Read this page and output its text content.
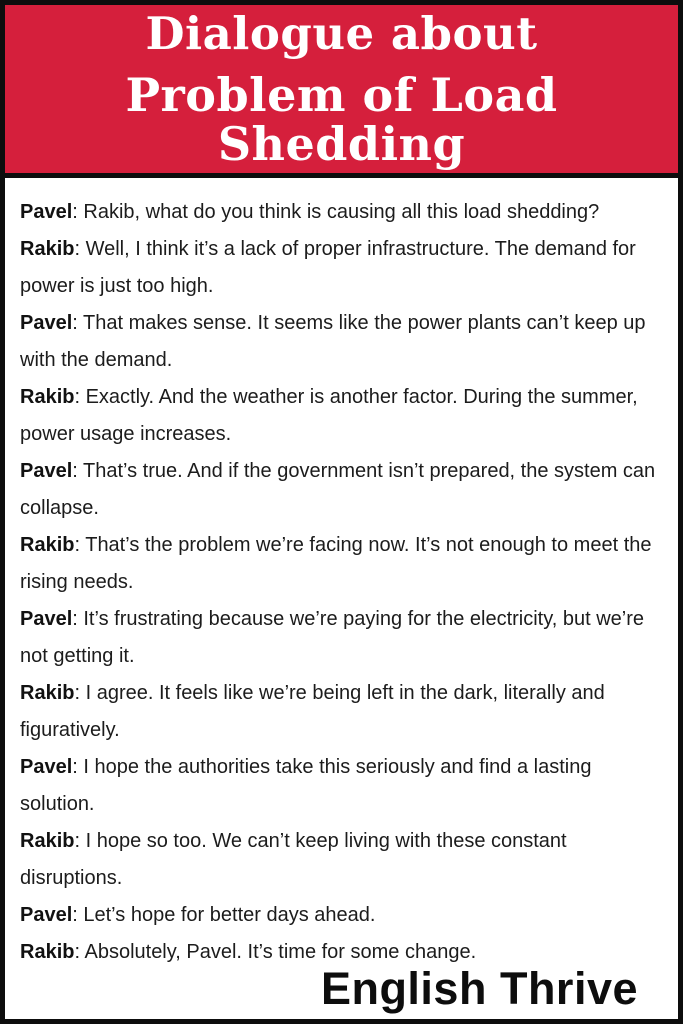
Dialogue about
Problem of Load Shedding

Pavel: Rakib, what do you think is causing all this load shedding?

Rakib: Well, I think it’s a lack of proper infrastructure. The demand for power is just too high.

Pavel: That makes sense. It seems like the power plants can’t keep up with the demand.

Rakib: Exactly. And the weather is another factor. During the summer, power usage increases.

Pavel: That’s true. And if the government isn’t prepared, the system can collapse.

Rakib: That’s the problem we’re facing now. It’s not enough to meet the rising needs.

Pavel: It’s frustrating because we’re paying for the electricity, but we’re not getting it.

Rakib: I agree. It feels like we’re being left in the dark, literally and figuratively.

Pavel: I hope the authorities take this seriously and find a lasting solution.

Rakib: I hope so too. We can’t keep living with these constant disruptions.

Pavel: Let’s hope for better days ahead.

Rakib: Absolutely, Pavel. It’s time for some change.

English Thrive
